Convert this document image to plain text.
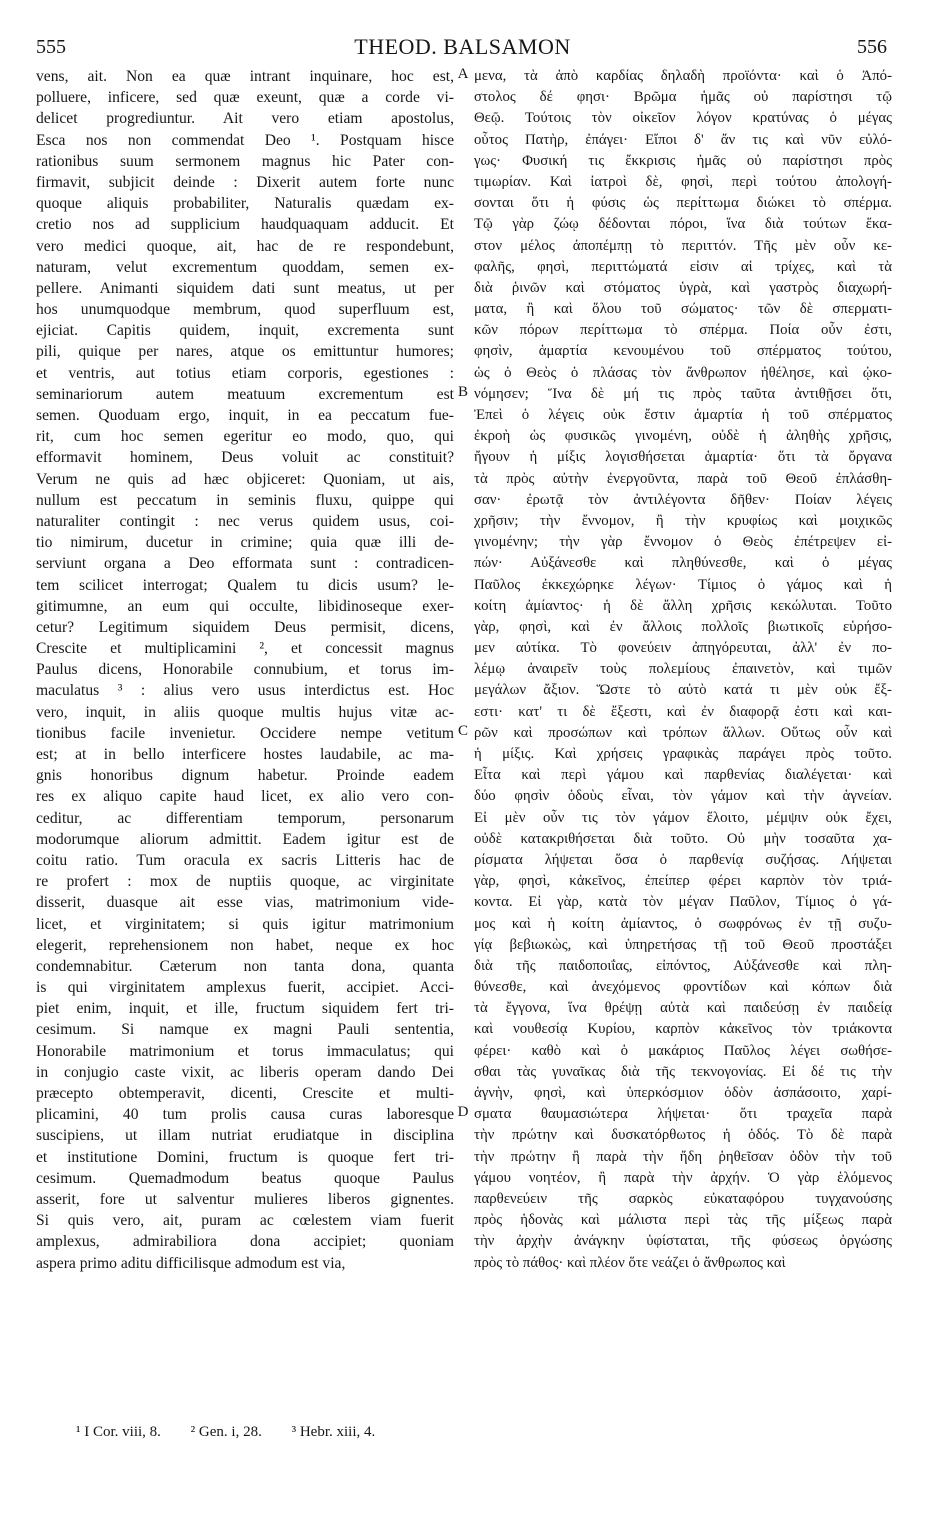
555	THEOD. BALSAMON	556
vens, ait. Non ea quæ intrant inquinare, hoc est,
polluere, inficere, sed quæ exeunt, quæ a corde vi-
delicet progrediuntur. Ait vero etiam apostolus,
Esca nos non commendat Deo ¹. Postquam hisce
rationibus suum sermonem magnus hic Pater con-
firmavit, subjicit deinde : Dixerit autem forte nunc
quoque aliquis probabiliter, Naturalis quædam ex-
cretio nos ad supplicium haudquaquam adducit. Et
vero medici quoque, ait, hac de re respondebunt,
naturam, velut excrementum quoddam, semen ex-
pellere. Animanti siquidem dati sunt meatus, ut per
hos unumquodque membrum, quod superfluum est,
ejiciat. Capitis quidem, inquit, excrementa sunt
pili, quique per nares, atque os emittuntur humores;
et ventris, aut totius etiam corporis, egestiones :
seminariorum autem meatuum excrementum est
semen. Quoduam ergo, inquit, in ea peccatum fue-
rit, cum hoc semen egeritur eo modo, quo, qui
efformavit hominem, Deus voluit ac constituit?
Verum ne quis ad hæc objiceret: Quoniam, ut ais,
nullum est peccatum in seminis fluxu, quippe qui
naturaliter contingit : nec verus quidem usus, coi-
tio nimirum, ducetur in crimine; quia quæ illi de-
serviunt organa a Deo efformata sunt : contradicen-
tem scilicet interrogat; Qualem tu dicis usum? le-
gitimumne, an eum qui occulte, libidinoseque exer-
cetur? Legitimum siquidem Deus permisit, dicens,
Crescite et multiplicamini ², et concessit magnus
Paulus dicens, Honorabile connubium, et torus im-
maculatus ³ : alius vero usus interdictus est. Hoc
vero, inquit, in aliis quoque multis hujus vitæ ac-
tionibus facile invenietur. Occidere nempe vetitum
est; at in bello interficere hostes laudabile, ac ma-
gnis honoribus dignum habetur. Proinde eadem
res ex aliquo capite haud licet, ex alio vero con-
ceditur, ac differentiam temporum, personarum
modorumque aliorum admittit. Eadem igitur est de
coitu ratio. Tum oracula ex sacris Litteris hac de
re profert : mox de nuptiis quoque, ac virginitate
disserit, duasque ait esse vias, matrimonium vide-
licet, et virginitatem; si quis igitur matrimonium
elegerit, reprehensionem non habet, neque ex hoc
condemnabitur. Cæterum non tanta dona, quanta
is qui virginitatem amplexus fuerit, accipiet. Acci-
piet enim, inquit, et ille, fructum siquidem fert tri-
cesimum. Si namque ex magni Pauli sententia,
Honorabile matrimonium et torus immaculatus; qui
in conjugio caste vixit, ac liberis operam dando Dei
præcepto obtemperavit, dicenti, Crescite et multi-
plicamini, 40 tum prolis causa curas laboresque
suscipiens, ut illam nutriat erudiatque in disciplina
et institutione Domini, fructum is quoque fert tri-
cesimum. Quemadmodum beatus quoque Paulus
asserit, fore ut salventur mulieres liberos gignentes.
Si quis vero, ait, puram ac cœlestem viam fuerit
amplexus, admirabiliora dona accipiet; quoniam
aspera primo aditu difficilisque admodum est via,
A
B
C
D
μενα, τὰ ἀπὸ καρδίας δηλαδὴ προϊόντα· καὶ ὁ Ἀπό-
στολος δέ φησι· Βρῶμα ἡμᾶς οὐ παρίστησι τῷ
Θεῷ. Τούτοις τὸν οἰκεῖον λόγον κρατύνας ὁ μέγας
οὗτος Πατὴρ, ἐπάγει· Εἴποι δ' ἄν τις καὶ νῦν εὐλό-
γως· Φυσική τις ἔκκρισις ἡμᾶς οὐ παρίστησι πρὸς
τιμωρίαν. Καὶ ἰατροὶ δὲ, φησὶ, περὶ τούτου ἀπολογή-
σονται ὅτι ἡ φύσις ὡς περίττωμα διώκει τὸ σπέρμα.
Τῷ γὰρ ζώῳ δέδονται πόροι, ἵνα διὰ τούτων ἕκα-
στον μέλος ἀποπέμπῃ τὸ περιττόν. Τῆς μὲν οὖν κε-
φαλῆς, φησὶ, περιττώματά εἰσιν αἱ τρίχες, καὶ τὰ
διὰ ῥινῶν καὶ στόματος ὑγρὰ, καὶ γαστρὸς διαχωρή-
ματα, ἢ καὶ ὅλου τοῦ σώματος· τῶν δὲ σπερματι-
κῶν πόρων περίττωμα τὸ σπέρμα. Ποία οὖν ἐστι,
φησὶν, ἁμαρτία κενουμένου τοῦ σπέρματος τούτου,
ὡς ὁ Θεὸς ὁ πλάσας τὸν ἄνθρωπον ἠθέλησε, καὶ ᾠκο-
νόμησεν; Ἵνα δὲ μή τις πρὸς ταῦτα ἀντιθῇσει ὅτι,
Ἐπεὶ ὁ λέγεις οὐκ ἔστιν ἁμαρτία ἡ τοῦ σπέρματος
ἐκροὴ ὡς φυσικῶς γινομένη, οὐδὲ ἡ ἀληθὴς χρῆσις,
ἤγουν ἡ μίξις λογισθήσεται ἁμαρτία· ὅτι τὰ ὄργανα
τὰ πρὸς αὐτὴν ἐνεργοῦντα, παρὰ τοῦ Θεοῦ ἐπλάσθη-
σαν· ἐρωτᾷ τὸν ἀντιλέγοντα δῆθεν· Ποίαν λέγεις
χρῆσιν; τὴν ἔννομον, ἢ τὴν κρυφίως καὶ μοιχικῶς
γινομένην; τὴν γὰρ ἔννομον ὁ Θεὸς ἐπέτρεψεν εἰ-
πών· Αὐξάνεσθε καὶ πληθύνεσθε, καὶ ὁ μέγας
Παῦλος ἐκκεχώρηκε λέγων· Τίμιος ὁ γάμος καὶ ἡ
κοίτη ἀμίαντος· ἡ δὲ ἄλλη χρῆσις κεκώλυται. Τοῦτο
γὰρ, φησὶ, καὶ ἐν ἄλλοις πολλοῖς βιωτικοῖς εὑρήσο-
μεν αὐτίκα. Τὸ φονεύειν ἀπηγόρευται, ἀλλ' ἐν πο-
λέμῳ ἀναιρεῖν τοὺς πολεμίους ἐπαινετὸν, καὶ τιμῶν
μεγάλων ἄξιον. Ὥστε τὸ αὐτὸ κατά τι μὲν οὐκ ἔξ-
εστι· κατ' τι δὲ ἔξεστι, καὶ ἐν διαφορᾷ ἐστι καὶ και-
ρῶν καὶ προσώπων καὶ τρόπων ἄλλων. Οὕτως οὖν καὶ
ἡ μίξις. Καὶ χρήσεις γραφικὰς παράγει πρὸς τοῦτο.
Εἶτα καὶ περὶ γάμου καὶ παρθενίας διαλέγεται· καὶ
δύο φησὶν ὁδοὺς εἶναι, τὸν γάμον καὶ τὴν ἁγνείαν.
Εἰ μὲν οὖν τις τὸν γάμον ἕλοιτο, μέμψιν οὐκ ἔχει,
οὐδὲ κατακριθήσεται διὰ τοῦτο. Οὐ μὴν τοσαῦτα χα-
ρίσματα λήψεται ὅσα ὁ παρθενίᾳ συζήσας. Λήψεται
γὰρ, φησὶ, κἀκεῖνος, ἐπείπερ φέρει καρπὸν τὸν τριά-
κοντα. Εἰ γὰρ, κατὰ τὸν μέγαν Παῦλον, Τίμιος ὁ γά-
μος καὶ ἡ κοίτη ἀμίαντος, ὁ σωφρόνως ἐν τῇ συζυ-
γίᾳ βεβιωκὼς, καὶ ὑπηρετήσας τῇ τοῦ Θεοῦ προστάξει
διὰ τῆς παιδοποιΐας, εἰπόντος, Αὐξάνεσθε καὶ πλη-
θύνεσθε, καὶ ἀνεχόμενος φροντίδων καὶ κόπων διὰ
τὰ ἔγγονα, ἵνα θρέψῃ αὐτὰ καὶ παιδεύσῃ ἐν παιδείᾳ
καὶ νουθεσίᾳ Κυρίου, καρπὸν κἀκεῖνος τὸν τριάκοντα
φέρει· καθὸ καὶ ὁ μακάριος Παῦλος λέγει σωθήσε-
σθαι τὰς γυναῖκας διὰ τῆς τεκνογονίας. Εἰ δέ τις τὴν
ἁγνὴν, φησὶ, καὶ ὑπερκόσμιον ὁδὸν ἀσπάσοιτο, χαρί-
σματα θαυμασιώτερα λήψεται· ὅτι τραχεῖα παρὰ
τὴν πρώτην καὶ δυσκατόρθωτος ἡ ὁδός. Τὸ δὲ παρὰ
τὴν πρώτην ἢ παρὰ τὴν ἤδη ῥηθεῖσαν ὁδὸν τὴν τοῦ
γάμου νοητέον, ἢ παρὰ τὴν ἀρχήν. Ὁ γὰρ ἑλόμενος
παρθενεύειν τῆς σαρκὸς εὐκαταφόρου τυγχανούσης
πρὸς ἡδονὰς καὶ μάλιστα περὶ τὰς τῆς μίξεως παρὰ
τὴν ἀρχὴν ἀνάγκην ὑφίσταται, τῆς φύσεως ὀργώσης
πρὸς τὸ πάθος· καὶ πλέον ὅτε νεάζει ὁ ἄνθρωπος καὶ
¹ I Cor. viii, 8. ² Gen. i, 28. ³ Hebr. xiii, 4.
